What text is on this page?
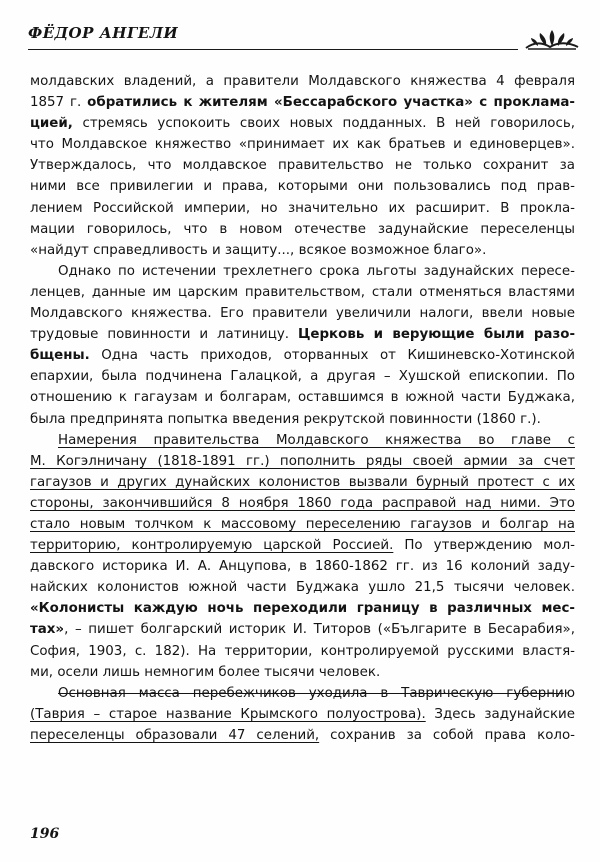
ФЁДОР АНГЕЛИ
молдавских владений, а правители Молдавского княжества 4 февраля
1857 г. обратились к жителям «Бессарабского участка» с проклама-
цией, стремясь успокоить своих новых подданных. В ней говорилось,
что Молдавское княжество «принимает их как братьев и единоверцев».
Утверждалось, что молдавское правительство не только сохранит за
ними все привилегии и права, которыми они пользовались под прав-
лением Российской империи, но значительно их расширит. В прокла-
мации говорилось, что в новом отечестве задунайские переселенцы
«найдут справедливость и защиту..., всякое возможное благо».
Однако по истечении трехлетнего срока льготы задунайских пересе-
ленцев, данные им царским правительством, стали отменяться властями
Молдавского княжества. Его правители увеличили налоги, ввели новые
трудовые повинности и латиницу. Церковь и верующие были разо-
бщены. Одна часть приходов, оторванных от Кишиневско-Хотинской
епархии, была подчинена Галацкой, а другая – Хушской епископии. По
отношению к гагаузам и болгарам, оставшимся в южной части Буджака,
была предпринята попытка введения рекрутской повинности (1860 г.).
Намерения правительства Молдавского княжества во главе с
М. Когэлничану (1818-1891 гг.) пополнить ряды своей армии за счет
гагаузов и других дунайских колонистов вызвали бурный протест с их
стороны, закончившийся 8 ноября 1860 года расправой над ними. Это
стало новым толчком к массовому переселению гагаузов и болгар на
территорию, контролируемую царской Россией. По утверждению мол-
давского историка И. А. Анцупова, в 1860-1862 гг. из 16 колоний заду-
найских колонистов южной части Буджака ушло 21,5 тысячи человек.
«Колонисты каждую ночь переходили границу в различных мес-
тах», – пишет болгарский историк И. Титоров («Българите в Бесарабия»,
София, 1903, с. 182). На территории, контролируемой русскими властя-
ми, осели лишь немногим более тысячи человек.
Основная масса перебежчиков уходила в Таврическую губернию
(Таврия – старое название Крымского полуострова). Здесь задунайские
переселенцы образовали 47 селений, сохранив за собой права коло-
196
